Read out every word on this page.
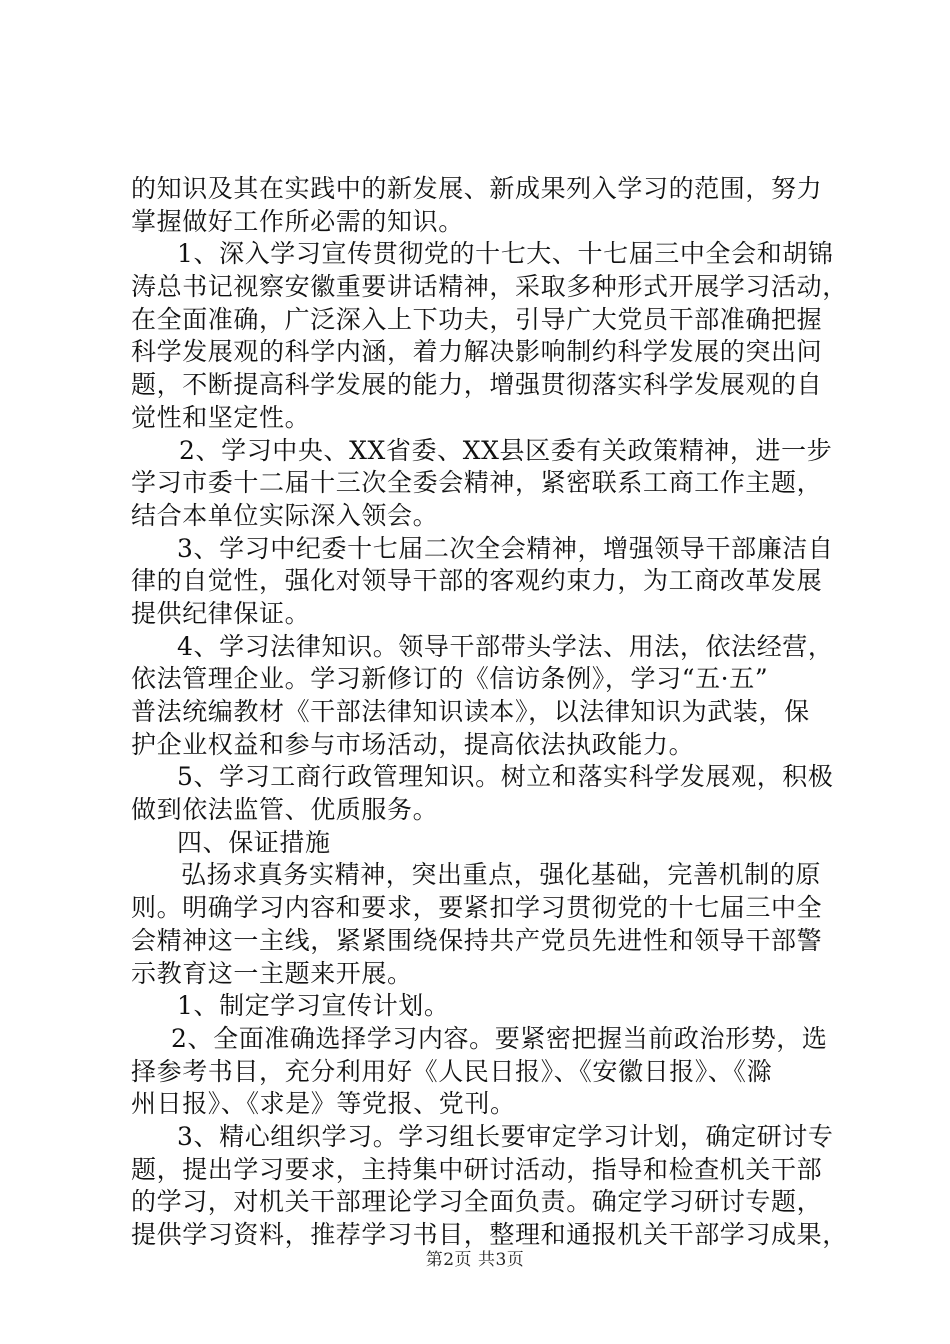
的知识及其在实践中的新发展、新成果列入学习的范围，努力
掌握做好工作所必需的知识。
1、深入学习宣传贯彻党的十七大、十七届三中全会和胡锦
涛总书记视察安徽重要讲话精神，采取多种形式开展学习活动，
在全面准确，广泛深入上下功夫，引导广大党员干部准确把握
科学发展观的科学内涵，着力解决影响制约科学发展的突出问
题，不断提高科学发展的能力，增强贯彻落实科学发展观的自
觉性和坚定性。
2、学习中央、XX省委、XX县区委有关政策精神，进一步
学习市委十二届十三次全委会精神，紧密联系工商工作主题，
结合本单位实际深入领会。
3、学习中纪委十七届二次全会精神，增强领导干部廉洁自
律的自觉性，强化对领导干部的客观约束力，为工商改革发展
提供纪律保证。
4、学习法律知识。领导干部带头学法、用法，依法经营，
依法管理企业。学习新修订的《信访条例》，学习“五·五”
普法统编教材《干部法律知识读本》，以法律知识为武装，保
护企业权益和参与市场活动，提高依法执政能力。
5、学习工商行政管理知识。树立和落实科学发展观，积极
做到依法监管、优质服务。
四、保证措施
弘扬求真务实精神，突出重点，强化基础，完善机制的原
则。明确学习内容和要求，要紧扣学习贯彻党的十七届三中全
会精神这一主线，紧紧围绕保持共产党员先进性和领导干部警
示教育这一主题来开展。
1、制定学习宣传计划。
2、全面准确选择学习内容。要紧密把握当前政治形势，选
择参考书目，充分利用好《人民日报》、《安徽日报》、《滁
州日报》、《求是》等党报、党刊。
3、精心组织学习。学习组长要审定学习计划，确定研讨专
题，提出学习要求，主持集中研讨活动，指导和检查机关干部
的学习，对机关干部理论学习全面负责。确定学习研讨专题，
提供学习资料，推荐学习书目，整理和通报机关干部学习成果，
第2页 共3页
